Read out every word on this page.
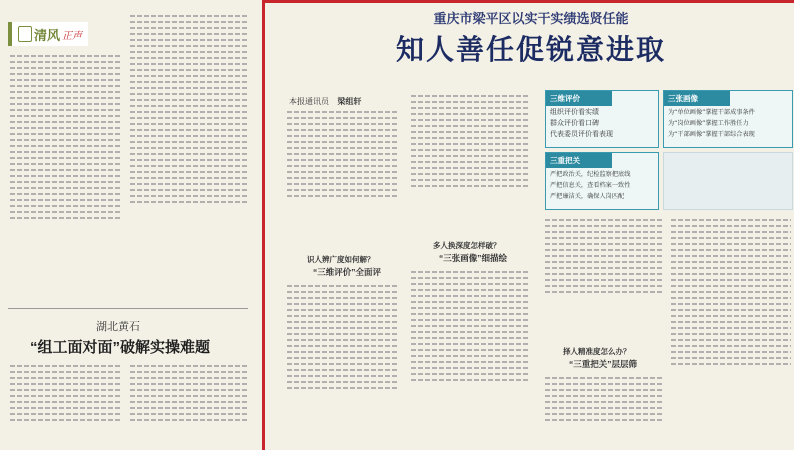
清风 正声
湖北黄石
“组工面对面”破解实操难题
重庆市梁平区以实干实绩选贤任能
知人善任促锐意进取
本报通讯员 梁组轩
识人辨广度如何解？
“三维评价”全面评
多人换深度怎样破？
“三张画像”细描绘
三维评价
组织评价看实绩
群众评价看口碑
代表委员评价看表现
三张画像
为“单位画像”掌握干部成事条件
为“岗位画像”掌握工作胜任力
为“干部画像”掌握干部综合表现
三重把关
严把政治关，纪检监察把底线
严把信息关，查看档案一致性
严把廉洁关，确保人岗匹配
择人精准度怎么办？
“三重把关”层层筛
